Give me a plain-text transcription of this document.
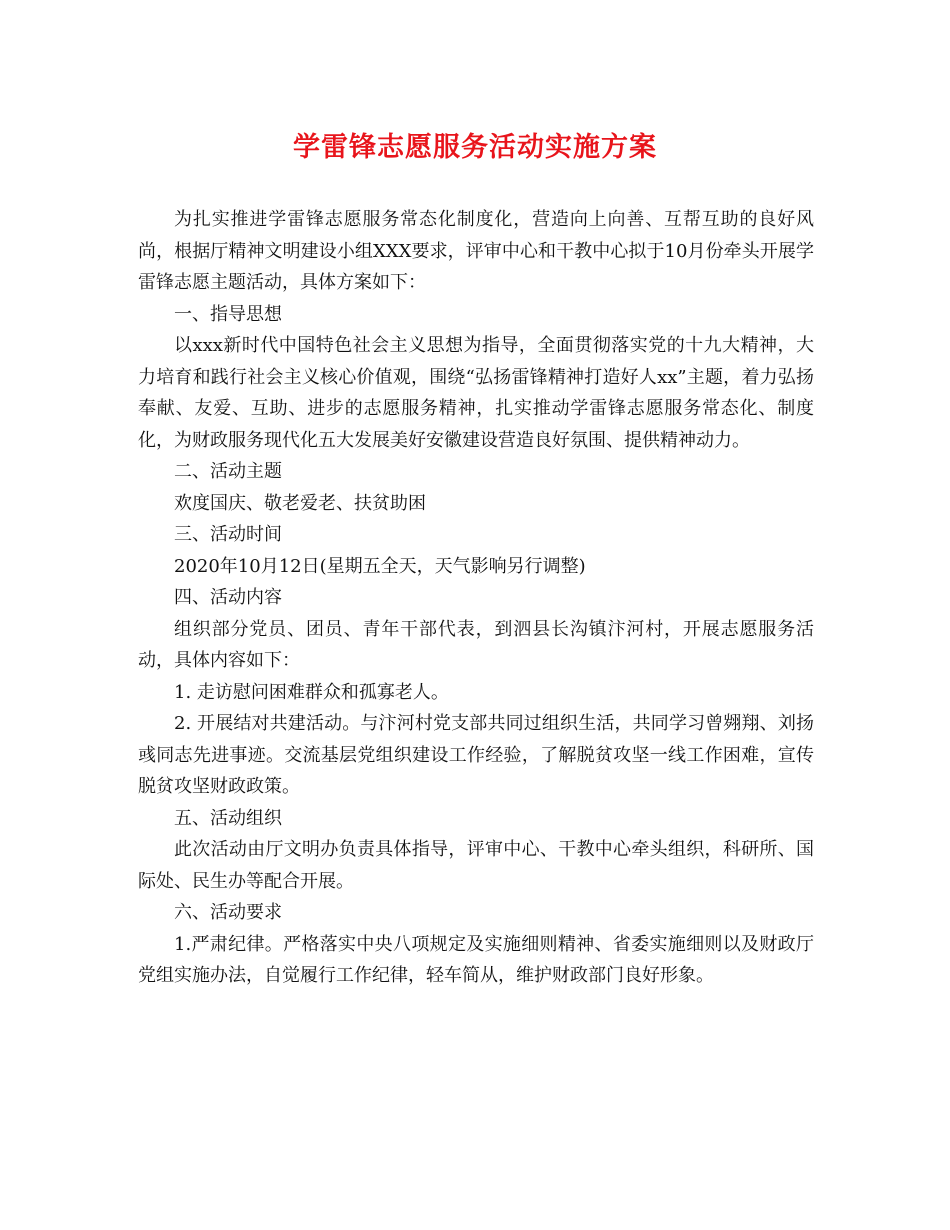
学雷锋志愿服务活动实施方案

为扎实推进学雷锋志愿服务常态化制度化，营造向上向善、互帮互助的良好风尚，根据厅精神文明建设小组XXX要求，评审中心和干教中心拟于10月份牵头开展学雷锋志愿主题活动，具体方案如下：

一、指导思想

以xxx新时代中国特色社会主义思想为指导，全面贯彻落实党的十九大精神，大力培育和践行社会主义核心价值观，围绕“弘扬雷锋精神打造好人xx”主题，着力弘扬奉献、友爱、互助、进步的志愿服务精神，扎实推动学雷锋志愿服务常态化、制度化，为财政服务现代化五大发展美好安徽建设营造良好氛围、提供精神动力。

二、活动主题

欢度国庆、敬老爱老、扶贫助困

三、活动时间

2020年10月12日(星期五全天，天气影响另行调整)

四、活动内容

组织部分党员、团员、青年干部代表，到泗县长沟镇汴河村，开展志愿服务活动，具体内容如下：

1. 走访慰问困难群众和孤寡老人。

2. 开展结对共建活动。与汴河村党支部共同过组织生活，共同学习曾翙翔、刘扬彧同志先进事迹。交流基层党组织建设工作经验，了解脱贫攻坚一线工作困难，宣传脱贫攻坚财政政策。

五、活动组织

此次活动由厅文明办负责具体指导，评审中心、干教中心牵头组织，科研所、国际处、民生办等配合开展。

六、活动要求

1.严肃纪律。严格落实中央八项规定及实施细则精神、省委实施细则以及财政厅党组实施办法，自觉履行工作纪律，轻车简从，维护财政部门良好形象。
